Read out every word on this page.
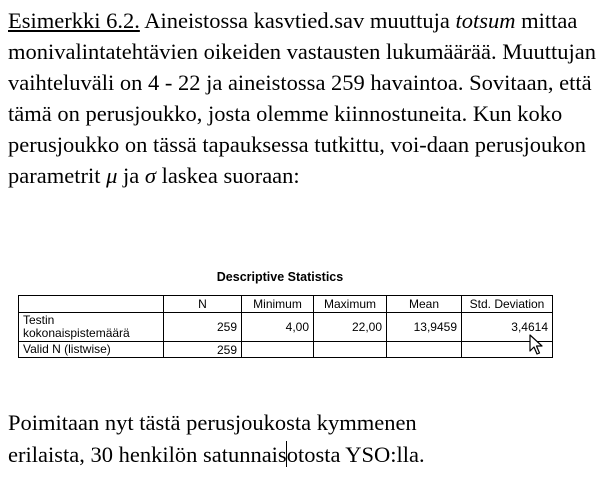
Esimerkki 6.2. Aineistossa kasvtied.sav muuttuja totsum mittaa monivalintatehtävien oikeiden vastausten lukumäärää. Muuttujan vaihteluväli on 4 - 22 ja aineistossa 259 havaintoa. Sovitaan, että tämä on perusjoukko, josta olemme kiinnostuneita. Kun koko perusjoukko on tässä tapauksessa tutkittu, voi-daan perusjoukon parametrit μ ja σ laskea suoraan:

Descriptive Statistics
	N	Minimum	Maximum	Mean	Std. Deviation
Testin
kokonaispistemäärä	259	4,00	22,00	13,9459	3,4614
Valid N (listwise)	259				

Poimitaan nyt tästä perusjoukosta kymmenen
erilaista, 30 henkilön satunnaisotosta YSO:lla.
